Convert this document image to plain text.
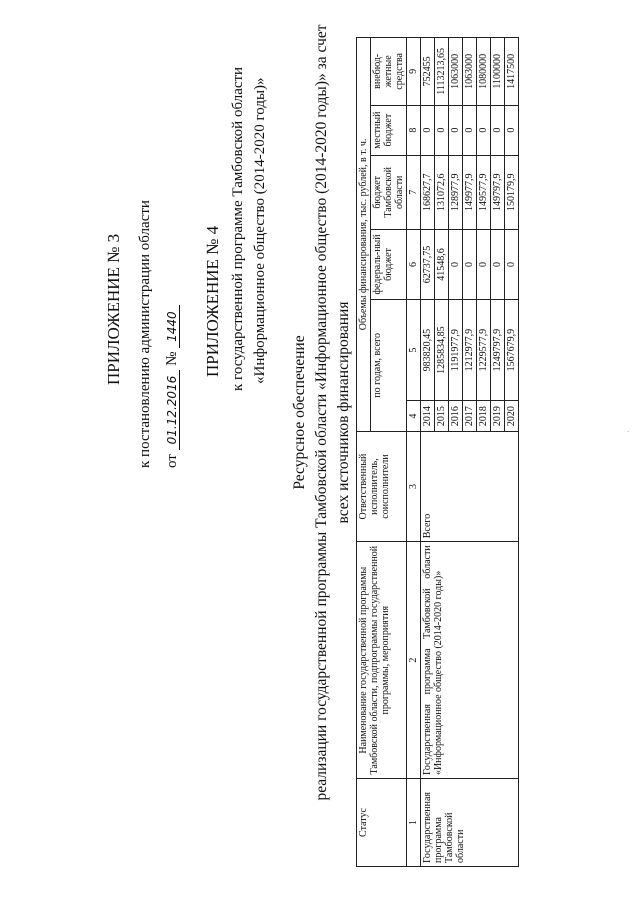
ПРИЛОЖЕНИЕ № 3 к постановлению администрации области от 01.12.2016 № 1440 ПРИЛОЖЕНИЕ № 4 к государственной программе Тамбовской области «Информационное общество (2014-2020 годы)»
Ресурсное обеспечение реализации государственной программы Тамбовской области «Информационное общество (2014-2020 годы)» за счет всех источников финансирования
Статус	Наименование государственной программы Тамбовской области, подпрограммы государственной программы, мероприятия	Ответственный исполнитель, соисполнители	Объемы финансирования, тыс. рублей, в т. ч.					
			по годам, всего		федераль-ный бюджет	бюджет Тамбовской области	местный бюджет	внебюд-жетные средства
1	2	3	4	5	6	7	8	9
Государственная программа Тамбовской области	Государственная программа Тамбовской области «Информационное общество (2014-2020 годы)»	Всего	2014	983820,45	62737,75	168627,7	0	752455
			2015	1285834,85	41548,6	131072,6	0	1113213,65
			2016	1191977,9	0	128977,9	0	1063000
			2017	1212977,9	0	149977,9	0	1063000
			2018	1229577,9	0	149577,9	0	1080000
			2019	1249797,9	0	149797,9	0	1100000
			2020	1567679,9	0	150179,9	0	1417500
·
